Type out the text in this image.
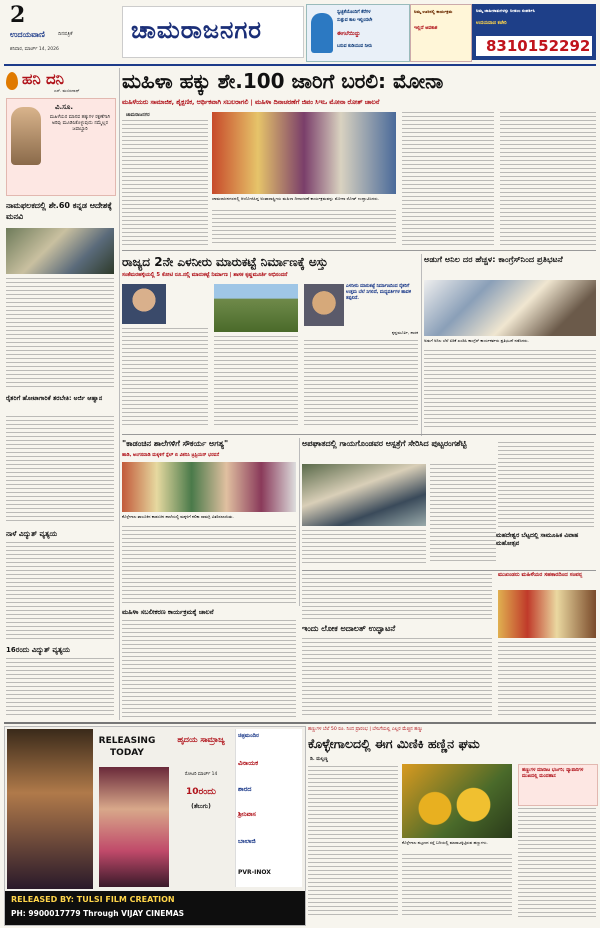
2
ಉದಯವಾಣಿ	ದಿನಪತ್ರಿಕೆ
ಶನಿವಾರ, ಮಾರ್ಚ್ 14, 2026
ಚಾಮರಾಜನಗರ
ಸ್ವಚ್ಛತೆಯೊಂದಿಗೆ ಕೆರೆಗಳ
ಸುತ್ತುವ ಕಾಲ ಇಲ್ಲಿಂದಲೇ
ಈಗಲೆಯಿದ್ದು
ಬರುವ ಕುಡಿಯುವ ನೀರು
ನಿಮ್ಮ ಊರಿನಲ್ಲಿ ಕಾರ್ಯಕ್ರಮ
ಇಲ್ಲಿದೆ ಅವಕಾಶ
ನಿಮ್ಮ ಜಾಹೀರಾತುಗಳನ್ನು ನೀಡಲು ಸಂಪರ್ಕಿಸಿ
ಉದಯವಾಣಿ ಕಚೇರಿ
8310152292
ಹನಿ ದನಿ
ಎಸ್. ಮಂಜುನಾಥ್
ವಿ.ಸೂ.
ಮಹಿಳೆಯರ ಮಾನವ ಹಕ್ಕುಗಳ ರಕ್ಷಣೆಗಾಗಿ ಅರಿವು ಮೂಡಿಸಿಕೊಳ್ಳುವುದು ನಮ್ಮೆಲ್ಲರ ಜವಾಬ್ದಾರಿ
ನಾಮಫಲಕದಲ್ಲಿ ಶೇ.60 ಕನ್ನಡ ಆದೇಶಕ್ಕೆ ಮನವಿ
ರೈತರಿಗೆ ಹೋಟಾಗಾರಿಕೆ ತರಬೇತಿ: ಅರ್ಜಿ ಆಹ್ವಾನ
ನಾಳೆ ವಿದ್ಯುತ್ ವ್ಯತ್ಯಯ
16ರಂದು ವಿದ್ಯುತ್ ವ್ಯತ್ಯಯ
ಮಹಿಳಾ ಹಕ್ಕು ಶೇ.100 ಜಾರಿಗೆ ಬರಲಿ: ಮೋನಾ
ಮಹಿಳೆಯರು ಸಾಮಾಜಿಕ, ಶೈಕ್ಷಣಿಕ, ಆರ್ಥಿಕವಾಗಿ ಸಬಲರಾಗಲಿ | ಮಹಿಳಾ ದಿನಾಚರಣೆಗೆ ಜಿಪಂ ಸಿಇಒ ಮೋನಾ ರೋತ್ ಚಾಲನೆ
ಚಾಮರಾಜನಗರ
ಚಾಮರಾಜನಗರದಲ್ಲಿ ಆಯೋಜಿಸಿದ್ದ ಅಂತಾರಾಷ್ಟ್ರೀಯ ಮಹಿಳಾ ದಿನಾಚರಣೆ ಕಾರ್ಯಕ್ರಮವನ್ನು ಮೋನಾ ರೋತ್ ಉದ್ಘಾಟಿಸಿದರು.
ರಾಜ್ಯದ 2ನೇ ಎಳನೀರು ಮಾರುಕಟ್ಟೆ ನಿರ್ಮಾಣಕ್ಕೆ ಅಸ್ತು
ಸಂತೆಮರಹಳ್ಳಿಯಲ್ಲಿ 5 ಕೋಟಿ ರೂ.ನಲ್ಲಿ ಮಾರುಕಟ್ಟೆ ನಿರ್ಮಾಣ | ಶಾಸಕ ಕೃಷ್ಣಮೂರ್ತಿ ಅಭಿನಂದನೆ
ಎಳನೀರು ಮಾರುಕಟ್ಟೆ ನಿರ್ಮಾಣದಿಂದ ರೈತರಿಗೆ ಉತ್ತಮ ಬೆಲೆ ಸಿಗಲಿದೆ, ಮಧ್ಯವರ್ತಿಗಳ ಹಾವಳಿ ತಪ್ಪಲಿದೆ.
ಕೃಷ್ಣಮೂರ್ತಿ, ಶಾಸಕ
ಅಡುಗೆ ಅನಿಲ ದರ ಹೆಚ್ಚಳ: ಕಾಂಗ್ರೆಸ್‌ನಿಂದ ಪ್ರತಿಭಟನೆ
ಅಡುಗೆ ಅನಿಲ ಬೆಲೆ ಏರಿಕೆ ಖಂಡಿಸಿ ಕಾಂಗ್ರೆಸ್ ಕಾರ್ಯಕರ್ತರು ಪ್ರತಿಭಟನೆ ನಡೆಸಿದರು.
"ಕಾಡಂಚಿನ ಶಾಲೆಗಳಿಗೆ ಸೌಕರ್ಯ ಅಗತ್ಯ"
ಹಾಡಿ, ಅಂಗನವಾಡಿ ಮಕ್ಕಳಿಗೆ ಸ್ಪೆಲ್ ಬಿ ವಿತರಿಸಿ ಟ್ರಸ್ಟಿಯನ್ ಭರವಸೆ
ಕೊಳ್ಳೇಗಾಲ ತಾಲೂಕಿನ ಕಾಡಂಚಿನ ಶಾಲೆಯಲ್ಲಿ ಮಕ್ಕಳಿಗೆ ಕಲಿಕಾ ಸಾಮಗ್ರಿ ವಿತರಿಸಲಾಯಿತು.
ಅಪಘಾತದಲ್ಲಿ ಗಾಯಗೊಂಡವರ ಆಸ್ಪತ್ರೆಗೆ ಸೇರಿಸಿದ ಪುಟ್ಟರಂಗಶೆಟ್ಟಿ
ಮಹದೇಶ್ವರ ಬೆಟ್ಟದಲ್ಲಿ ಸಾಮೂಹಿಕ ವಿವಾಹ ಮಹೋತ್ಸವ
ಇಂದು ಲೋಕ ಅದಾಲತ್ ಉದ್ಘಾಟನೆ
ಮುಖಂಡರು ಮಹಿಳೆಯರ ಸಹಕಾರದಿಂದ ಸಂಪನ್ನ
ಮಹಿಳಾ ಸಬಲೀಕರಣ ಕಾರ್ಯಕ್ರಮಕ್ಕೆ ಚಾಲನೆ
RELEASING TODAY
ಹೃದಯ ಸಾಮ್ರಾಜ್ಯ
ರೋಟರಿ ಮಾರ್ಚ್ 14
10ರಂದು
(ತೆಲುಗು)
ಚಿತ್ರಮಂದಿರ
ವಿನಾಯಕ
ಶಾರದ
ಶ್ರೀನಿವಾಸ
ಬಾಲಾಜಿ
PVR-INOX
RELEASED BY: TULSI FILM CREATION
PH: 9900017779 Through VIJAY CINEMAS
ಹಣ್ಣುಗಳ ಬೆಲೆ 50 ರೂ. ನಿಂದ ಪ್ರಾರಂಭ | ಬೇಸಿಗೆಯಲ್ಲಿ ಎಲ್ಲರ ಮೆಚ್ಚಿನ ಹಣ್ಣು
ಕೊಳ್ಳೇಗಾಲದಲ್ಲಿ ಈಗ ಮಿಣಿಕಿ ಹಣ್ಣಿನ ಘಮ
ಡಿ. ಮಲ್ಲಣ್ಣ
ಕೊಳ್ಳೇಗಾಲ ಪಟ್ಟಣದ ರಸ್ತೆ ಬದಿಯಲ್ಲಿ ಮಾರಾಟಕ್ಕಿಟ್ಟಿರುವ ಹಣ್ಣುಗಳು.
ಹಣ್ಣುಗಳ ಮಾರಾಟ ಭರ್ಜರಿ; ವ್ಯಾಪಾರಿಗಳ ಮುಖದಲ್ಲಿ ಮಂದಹಾಸ
